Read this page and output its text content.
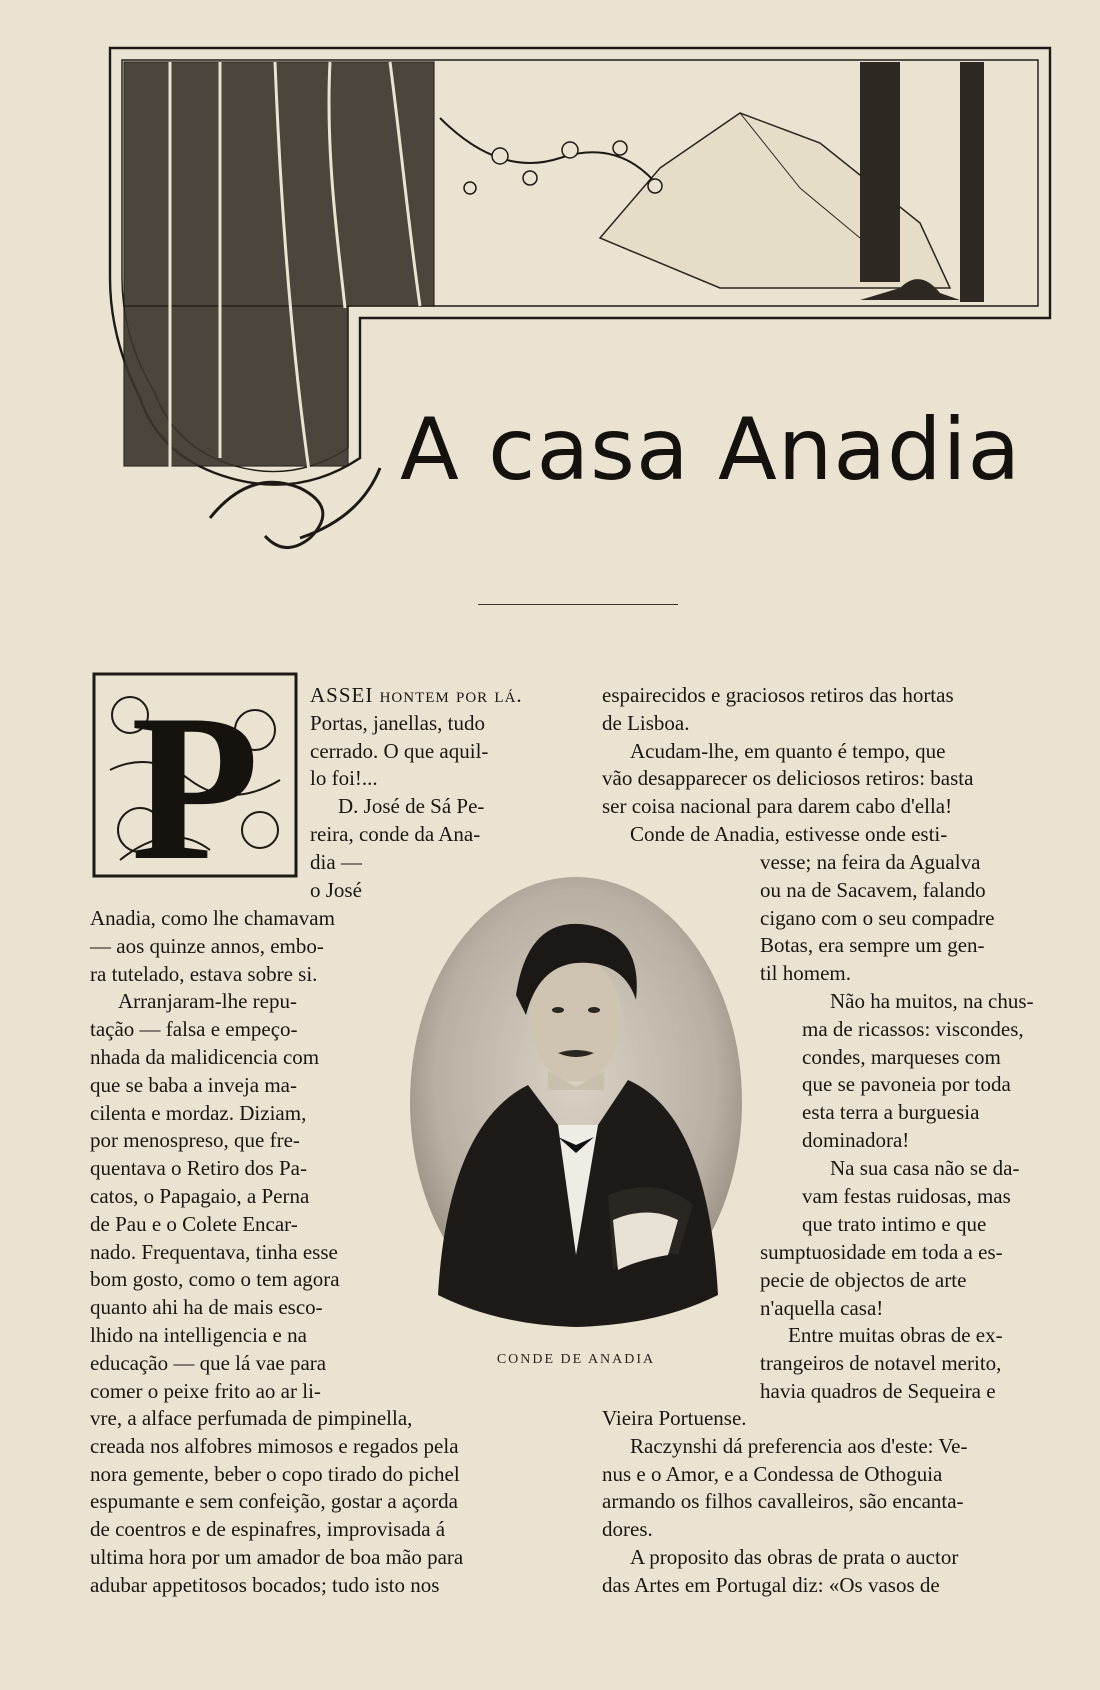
A casa Anadia
P ASSEI hontem por lá.

Portas, janellas, tudo

cerrado. O que aquil-

lo foi!...

D. José de Sá Pe-

reira, conde da Ana-

dia —

o José

Anadia, como lhe chamavam

— aos quinze annos, embo-

ra tutelado, estava sobre si.

Arranjaram-lhe repu-

tação — falsa e empeço-

nhada da malidicencia com

que se baba a inveja ma-

cilenta e mordaz. Diziam,

por menospreso, que fre-

quentava o Retiro dos Pa-

catos, o Papagaio, a Perna

de Pau e o Colete Encar-

nado. Frequentava, tinha esse

bom gosto, como o tem agora

quanto ahi ha de mais esco-

lhido na intelligencia e na

educação — que lá vae para

comer o peixe frito ao ar li-

vre, a alface perfumada de pimpinella,

creada nos alfobres mimosos e regados pela

nora gemente, beber o copo tirado do pichel

espumante e sem confeição, gostar a açorda

de coentros e de espinafres, improvisada á

ultima hora por um amador de boa mão para

adubar appetitosos bocados; tudo isto nos

CONDE DE ANADIA

espairecidos e graciosos retiros das hortas

de Lisboa.

Acudam-lhe, em quanto é tempo, que

vão desapparecer os deliciosos retiros: basta

ser coisa nacional para darem cabo d'ella!

Conde de Anadia, estivesse onde esti-

vesse; na feira da Agualva

ou na de Sacavem, falando

cigano com o seu compadre

Botas, era sempre um gen-

til homem.

Não ha muitos, na chus-

ma de ricassos: viscondes,

condes, marqueses com

que se pavoneia por toda

esta terra a burguesia

dominadora!

Na sua casa não se da-

vam festas ruidosas, mas

que trato intimo e que

sumptuosidade em toda a es-

pecie de objectos de arte

n'aquella casa!

Entre muitas obras de ex-

trangeiros de notavel merito,

havia quadros de Sequeira e

Vieira Portuense.

Raczynshi dá preferencia aos d'este: Ve-

nus e o Amor, e a Condessa de Othoguia

armando os filhos cavalleiros, são encanta-

dores.

A proposito das obras de prata o auctor

das Artes em Portugal diz: «Os vasos de
